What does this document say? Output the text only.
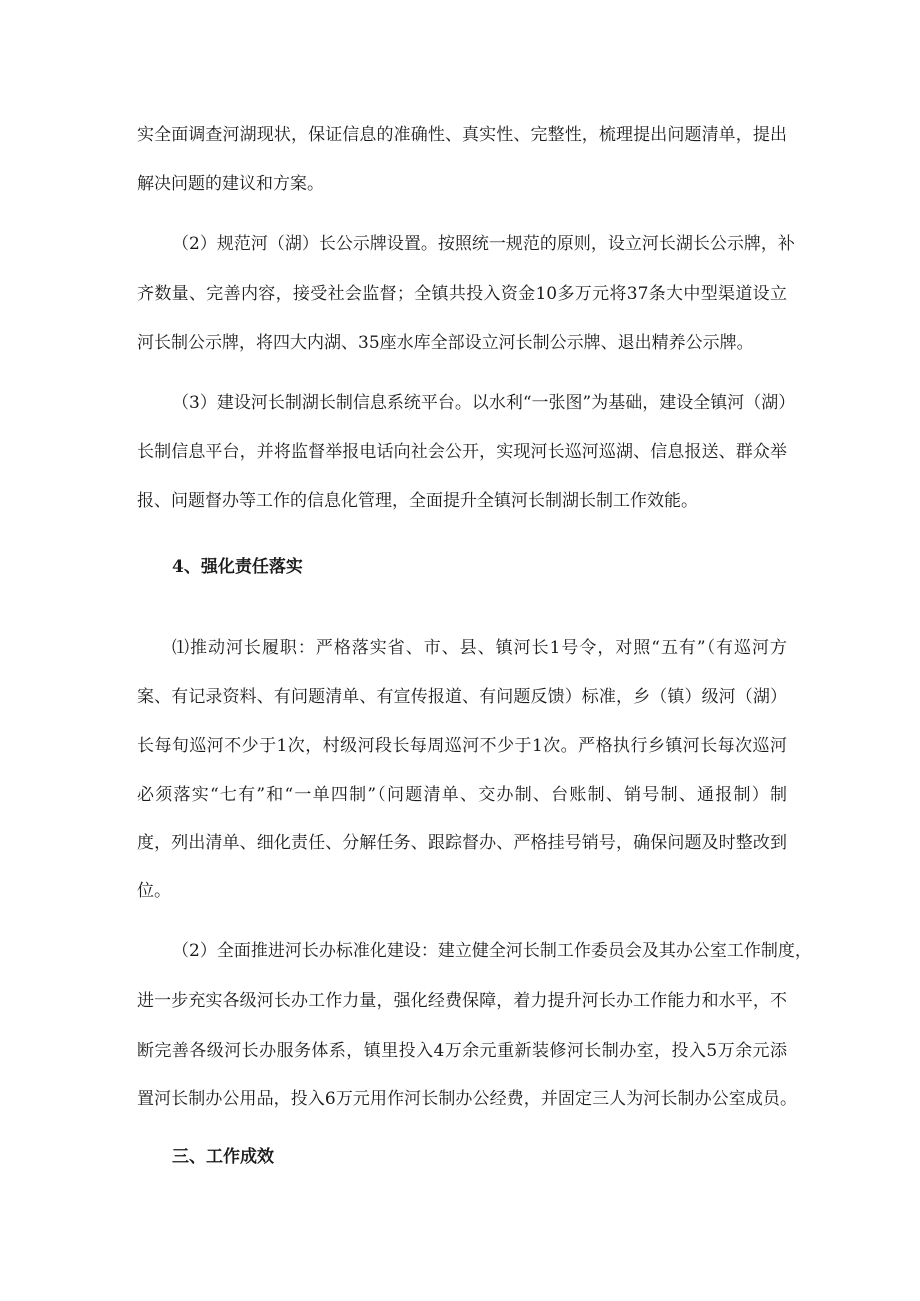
实全面调查河湖现状，保证信息的准确性、真实性、完整性，梳理提出问题清单，提出
解决问题的建议和方案。
（2）规范河（湖）长公示牌设置。按照统一规范的原则，设立河长湖长公示牌，补
齐数量、完善内容，接受社会监督；全镇共投入资金10多万元将37条大中型渠道设立
河长制公示牌，将四大内湖、35座水库全部设立河长制公示牌、退出精养公示牌。
（3）建设河长制湖长制信息系统平台。以水利“一张图”为基础，建设全镇河（湖）
长制信息平台，并将监督举报电话向社会公开，实现河长巡河巡湖、信息报送、群众举
报、问题督办等工作的信息化管理，全面提升全镇河长制湖长制工作效能。
4、强化责任落实
⑴推动河长履职：严格落实省、市、县、镇河长1号令，对照“五有”（有巡河方
案、有记录资料、有问题清单、有宣传报道、有问题反馈）标准，乡（镇）级河（湖）
长每旬巡河不少于1次，村级河段长每周巡河不少于1次。严格执行乡镇河长每次巡河
必须落实“七有”和“一单四制”（问题清单、交办制、台账制、销号制、通报制）制
度，列出清单、细化责任、分解任务、跟踪督办、严格挂号销号，确保问题及时整改到
位。
（2）全面推进河长办标准化建设：建立健全河长制工作委员会及其办公室工作制度，
进一步充实各级河长办工作力量，强化经费保障，着力提升河长办工作能力和水平，不
断完善各级河长办服务体系，镇里投入4万余元重新装修河长制办室，投入5万余元添
置河长制办公用品，投入6万元用作河长制办公经费，并固定三人为河长制办公室成员。
三、工作成效
